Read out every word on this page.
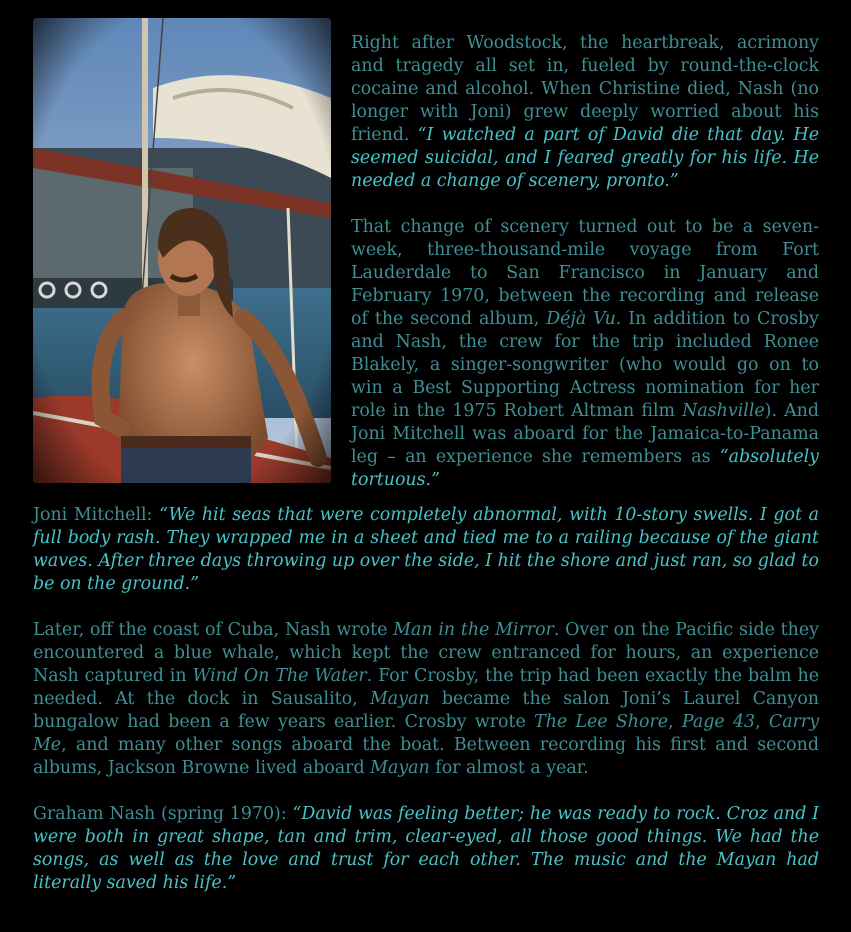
Right after Woodstock, the heartbreak, acrimony and tragedy all set in, fueled by round-the-clock cocaine and alcohol. When Christine died, Nash (no longer with Joni) grew deeply worried about his friend. “I watched a part of David die that day. He seemed suicidal, and I feared greatly for his life. He needed a change of scenery, pronto.”

That change of scenery turned out to be a seven-week, three-thousand-mile voyage from Fort Lauderdale to San Francisco in January and February 1970, between the recording and release of the second album, Déjà Vu. In addition to Crosby and Nash, the crew for the trip included Ronee Blakely, a singer-songwriter (who would go on to win a Best Supporting Actress nomination for her role in the 1975 Robert Altman film Nashville). And Joni Mitchell was aboard for the Jamaica-to-Panama leg – an experience she remembers as “absolutely tortuous.”

Joni Mitchell: “We hit seas that were completely abnormal, with 10-story swells. I got a full body rash. They wrapped me in a sheet and tied me to a railing because of the giant waves. After three days throwing up over the side, I hit the shore and just ran, so glad to be on the ground.”

Later, off the coast of Cuba, Nash wrote Man in the Mirror. Over on the Pacific side they encountered a blue whale, which kept the crew entranced for hours, an experience Nash captured in Wind On The Water. For Crosby, the trip had been exactly the balm he needed. At the dock in Sausalito, Mayan became the salon Joni’s Laurel Canyon bungalow had been a few years earlier. Crosby wrote The Lee Shore, Page 43, Carry Me, and many other songs aboard the boat. Between recording his first and second albums, Jackson Browne lived aboard Mayan for almost a year.

Graham Nash (spring 1970): “David was feeling better; he was ready to rock. Croz and I were both in great shape, tan and trim, clear-eyed, all those good things. We had the songs, as well as the love and trust for each other. The music and the Mayan had literally saved his life.”
